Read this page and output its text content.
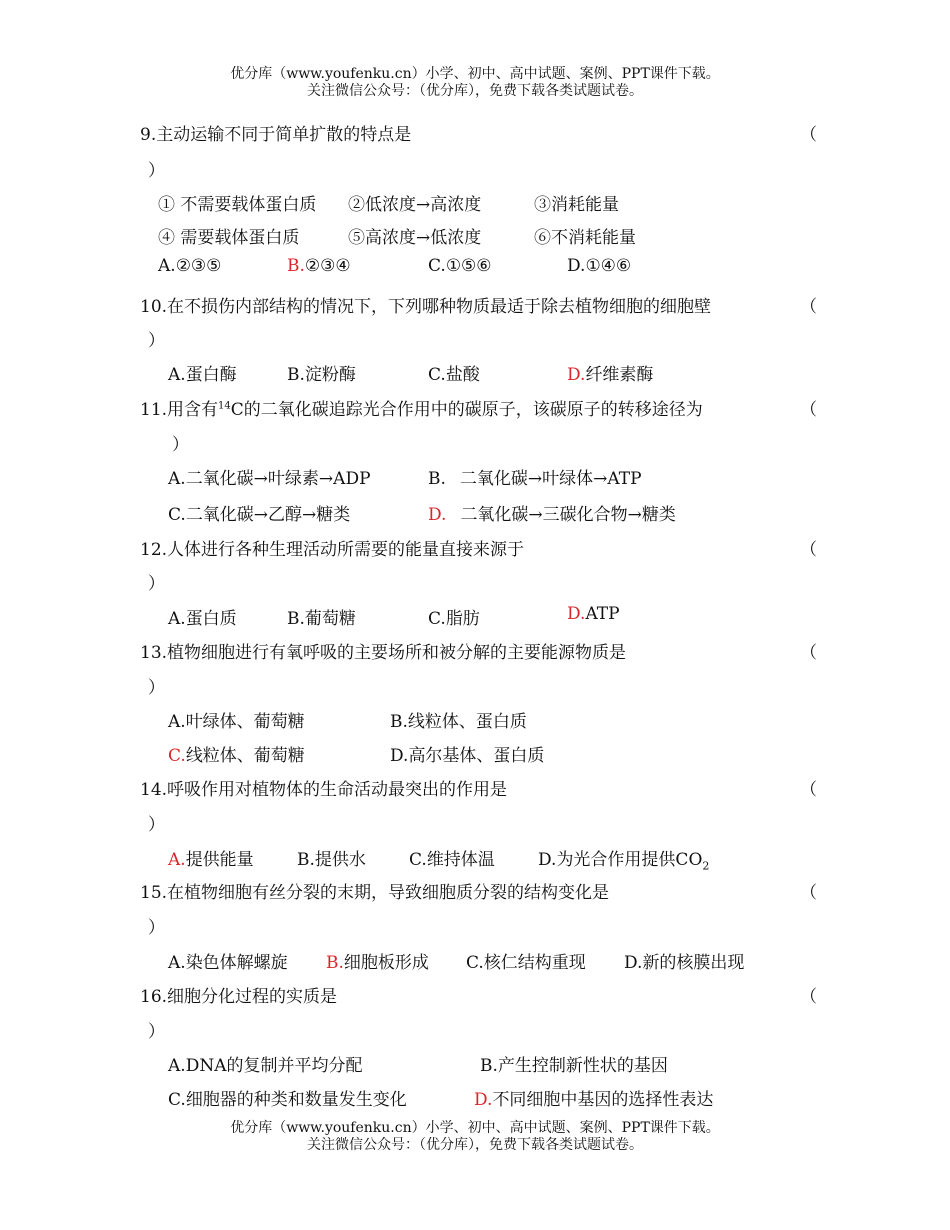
优分库（www.youfenku.cn）小学、初中、高中试题、案例、PPT课件下载。
关注微信公众号：（优分库），免费下载各类试题试卷。
9.主动运输不同于简单扩散的特点是	（
）
① 不需要载体蛋白质 ②低浓度→高浓度	③消耗能量
④ 需要载体蛋白质	⑤高浓度→低浓度	⑥不消耗能量
A.②③⑤	B.②③④	C.①⑤⑥	D.①④⑥
10.在不损伤内部结构的情况下，下列哪种物质最适于除去植物细胞的细胞壁	（
）
A.蛋白酶	B.淀粉酶	C.盐酸	D.纤维素酶
11.用含有$^{14}$C的二氧化碳追踪光合作用中的碳原子，该碳原子的转移途径为	（
）
A.二氧化碳→叶绿素→ADP	B. 二氧化碳→叶绿体→ATP
C.二氧化碳→乙醇→糖类	D. 二氧化碳→三碳化合物→糖类
12.人体进行各种生理活动所需要的能量直接来源于	（
）
A.蛋白质	B.葡萄糖	C.脂肪	D.ATP
13.植物细胞进行有氧呼吸的主要场所和被分解的主要能源物质是	（
）
A.叶绿体、葡萄糖	B.线粒体、蛋白质
C.线粒体、葡萄糖	D.高尔基体、蛋白质
14.呼吸作用对植物体的生命活动最突出的作用是	（
）
A.提供能量	B.提供水	C.维持体温	D.为光合作用提供$CO_2$
15.在植物细胞有丝分裂的末期，导致细胞质分裂的结构变化是	（
）
A.染色体解螺旋 B.细胞板形成 C.核仁结构重现 D.新的核膜出现
16.细胞分化过程的实质是	（
）
A.DNA的复制并平均分配	B.产生控制新性状的基因
C.细胞器的种类和数量发生变化	D.不同细胞中基因的选择性表达
优分库（www.youfenku.cn）小学、初中、高中试题、案例、PPT课件下载。
关注微信公众号：（优分库），免费下载各类试题试卷。
